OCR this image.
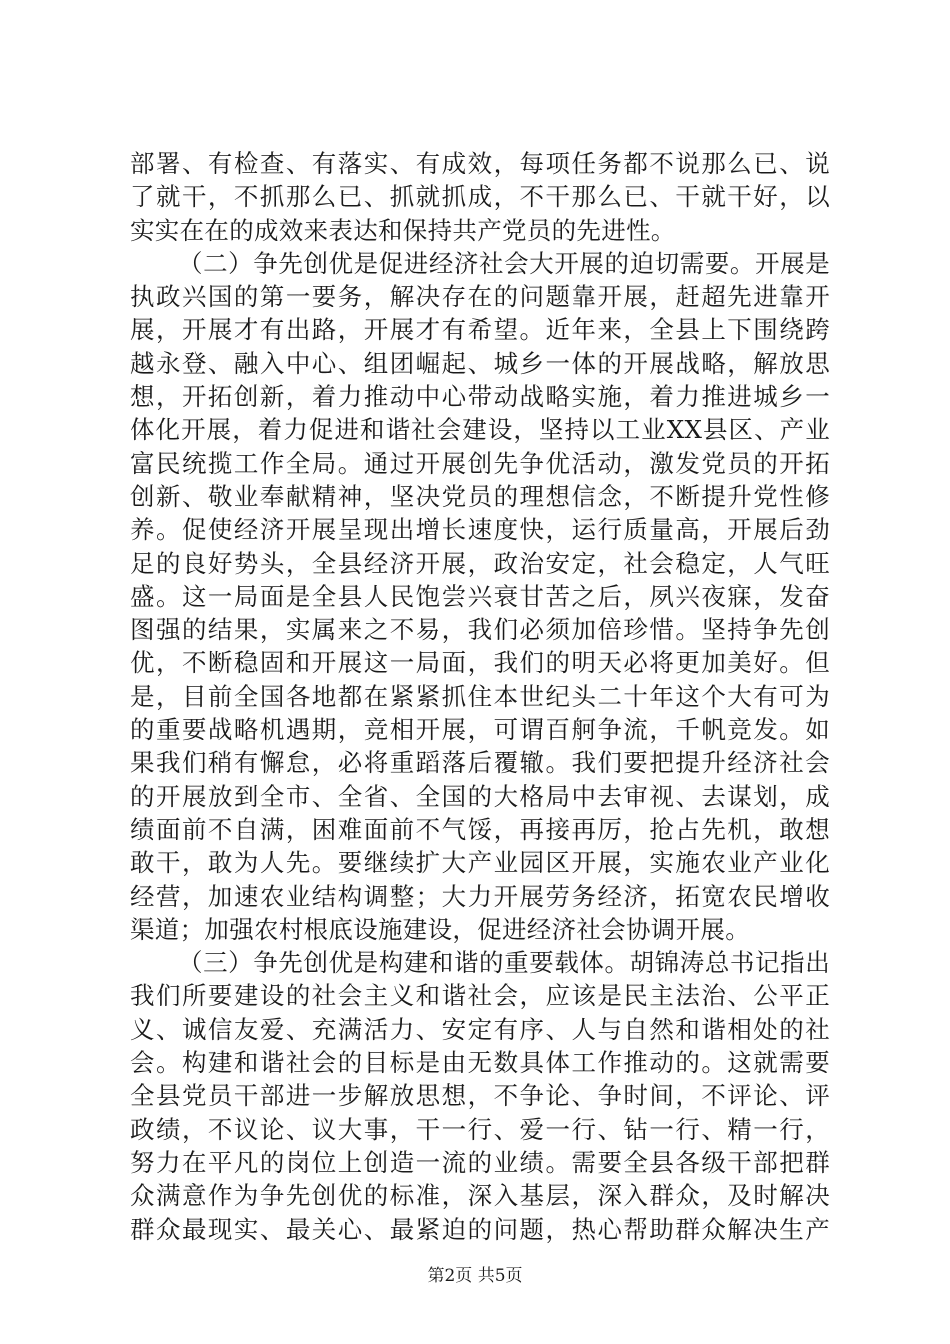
部署、有检查、有落实、有成效，每项任务都不说那么已、说
了就干，不抓那么已、抓就抓成，不干那么已、干就干好，以
实实在在的成效来表达和保持共产党员的先进性。
（二）争先创优是促进经济社会大开展的迫切需要。开展是
执政兴国的第一要务，解决存在的问题靠开展，赶超先进靠开
展，开展才有出路，开展才有希望。近年来，全县上下围绕跨
越永登、融入中心、组团崛起、城乡一体的开展战略，解放思
想，开拓创新，着力推动中心带动战略实施，着力推进城乡一
体化开展，着力促进和谐社会建设，坚持以工业XX县区、产业
富民统揽工作全局。通过开展创先争优活动，激发党员的开拓
创新、敬业奉献精神，坚决党员的理想信念，不断提升党性修
养。促使经济开展呈现出增长速度快，运行质量高，开展后劲
足的良好势头，全县经济开展，政治安定，社会稳定，人气旺
盛。这一局面是全县人民饱尝兴衰甘苦之后，夙兴夜寐，发奋
图强的结果，实属来之不易，我们必须加倍珍惜。坚持争先创
优，不断稳固和开展这一局面，我们的明天必将更加美好。但
是，目前全国各地都在紧紧抓住本世纪头二十年这个大有可为
的重要战略机遇期，竞相开展，可谓百舸争流，千帆竞发。如
果我们稍有懈怠，必将重蹈落后覆辙。我们要把提升经济社会
的开展放到全市、全省、全国的大格局中去审视、去谋划，成
绩面前不自满，困难面前不气馁，再接再厉，抢占先机，敢想
敢干，敢为人先。要继续扩大产业园区开展，实施农业产业化
经营，加速农业结构调整；大力开展劳务经济，拓宽农民增收
渠道；加强农村根底设施建设，促进经济社会协调开展。
（三）争先创优是构建和谐的重要载体。胡锦涛总书记指出
我们所要建设的社会主义和谐社会，应该是民主法治、公平正
义、诚信友爱、充满活力、安定有序、人与自然和谐相处的社
会。构建和谐社会的目标是由无数具体工作推动的。这就需要
全县党员干部进一步解放思想，不争论、争时间，不评论、评
政绩，不议论、议大事，干一行、爱一行、钻一行、精一行，
努力在平凡的岗位上创造一流的业绩。需要全县各级干部把群
众满意作为争先创优的标准，深入基层，深入群众，及时解决
群众最现实、最关心、最紧迫的问题，热心帮助群众解决生产
第2页 共5页
